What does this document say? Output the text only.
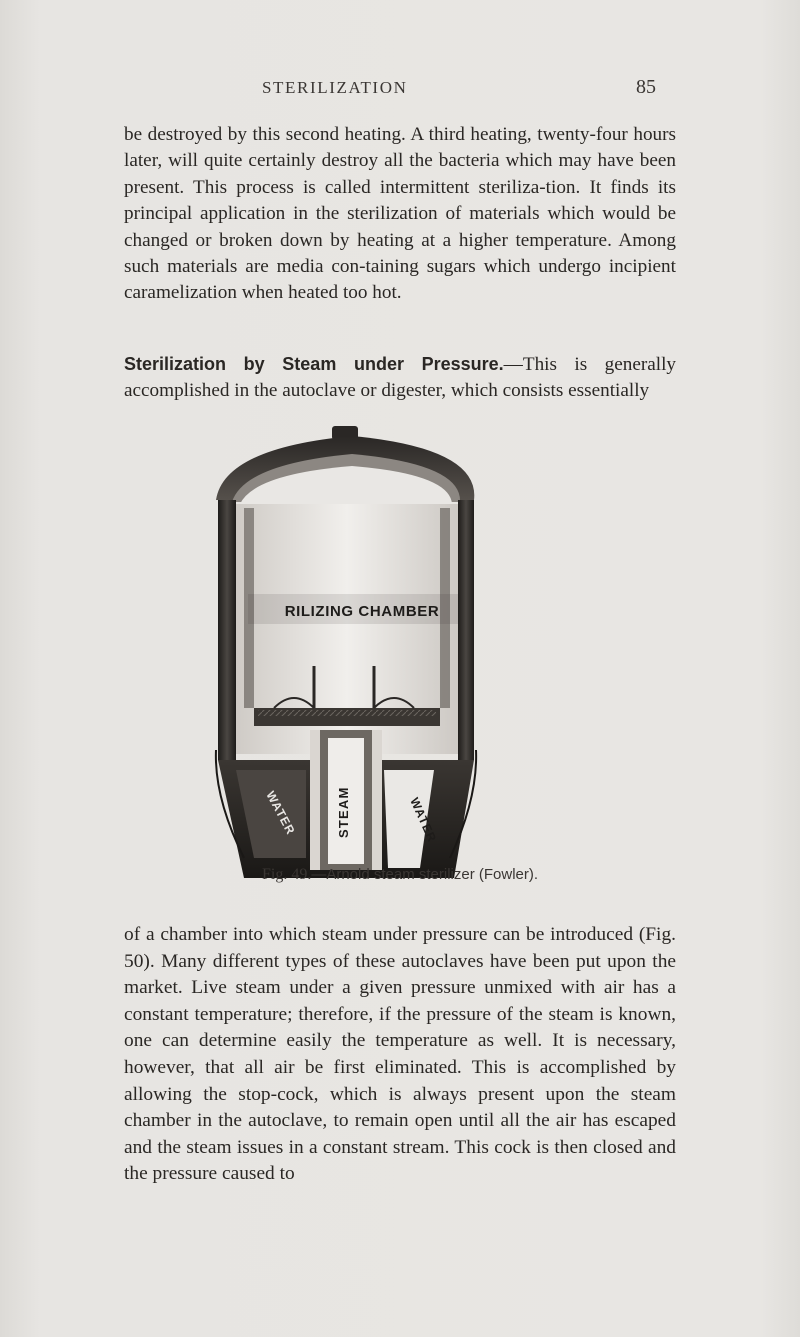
STERILIZATION	85

be destroyed by this second heating. A third heating, twenty-four hours later, will quite certainly destroy all the bacteria which may have been present. This process is called intermittent steriliza-tion. It finds its principal application in the sterilization of materials which would be changed or broken down by heating at a higher temperature. Among such materials are media con-taining sugars which undergo incipient caramelization when heated too hot.

Sterilization by Steam under Pressure.—This is generally accomplished in the autoclave or digester, which consists essentially

RILIZING CHAMBER
STEAM
WATER	WATER
Fig. 49.—Arnold steam sterilizer (Fowler).

of a chamber into which steam under pressure can be introduced (Fig. 50). Many different types of these autoclaves have been put upon the market. Live steam under a given pressure unmixed with air has a constant temperature; therefore, if the pressure of the steam is known, one can determine easily the temperature as well. It is necessary, however, that all air be first eliminated. This is accomplished by allowing the stop-cock, which is always present upon the steam chamber in the autoclave, to remain open until all the air has escaped and the steam issues in a constant stream. This cock is then closed and the pressure caused to
